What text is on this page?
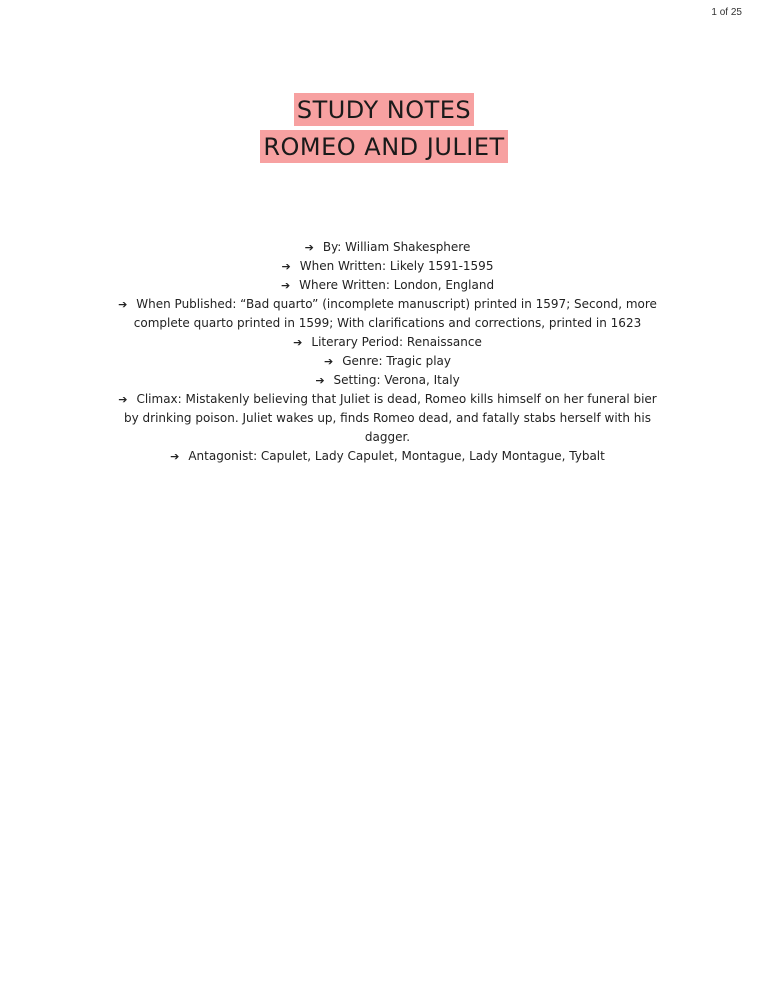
1 of 25
STUDY NOTES
ROMEO AND JULIET
➔ By: William Shakesphere
➔ When Written: Likely 1591-1595
➔ Where Written: London, England
➔ When Published: “Bad quarto” (incomplete manuscript) printed in 1597; Second, more complete quarto printed in 1599; With clarifications and corrections, printed in 1623
➔ Literary Period: Renaissance
➔ Genre: Tragic play
➔ Setting: Verona, Italy
➔ Climax: Mistakenly believing that Juliet is dead, Romeo kills himself on her funeral bier by drinking poison. Juliet wakes up, finds Romeo dead, and fatally stabs herself with his dagger.
➔ Antagonist: Capulet, Lady Capulet, Montague, Lady Montague, Tybalt
